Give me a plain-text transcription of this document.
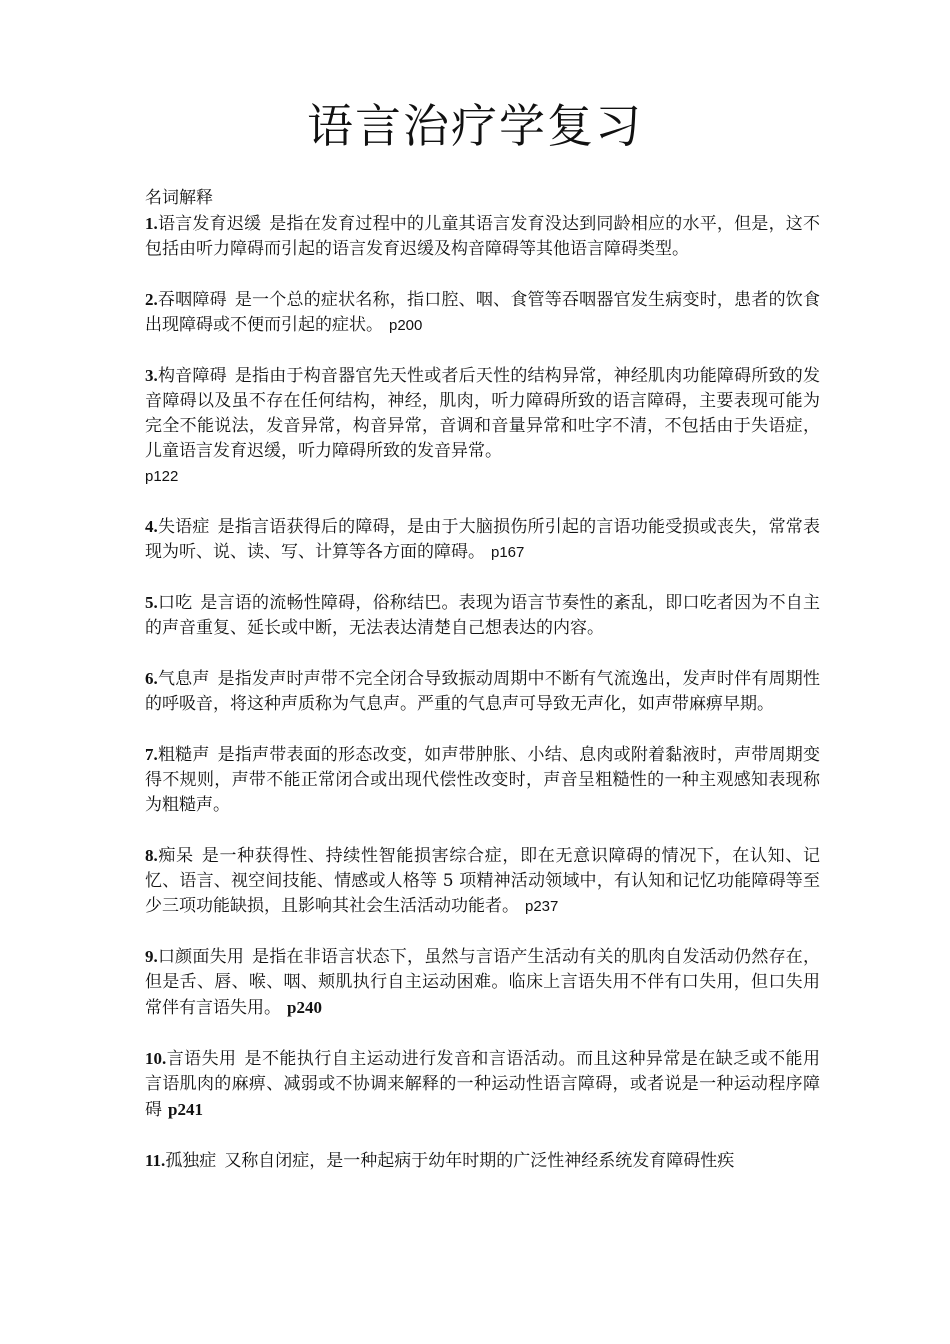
语言治疗学复习

名词解释

1.语言发育迟缓 是指在发育过程中的儿童其语言发育没达到同龄相应的水平，但是，这不包括由听力障碍而引起的语言发育迟缓及构音障碍等其他语言障碍类型。

2.吞咽障碍 是一个总的症状名称，指口腔、咽、食管等吞咽器官发生病变时，患者的饮食出现障碍或不便而引起的症状。 p200

3.构音障碍 是指由于构音器官先天性或者后天性的结构异常，神经肌肉功能障碍所致的发音障碍以及虽不存在任何结构，神经，肌肉，听力障碍所致的语言障碍，主要表现可能为完全不能说法，发音异常，构音异常，音调和音量异常和吐字不清，不包括由于失语症，儿童语言发育迟缓，听力障碍所致的发音异常。
p122

4.失语症 是指言语获得后的障碍，是由于大脑损伤所引起的言语功能受损或丧失，常常表现为听、说、读、写、计算等各方面的障碍。 p167

5.口吃 是言语的流畅性障碍，俗称结巴。表现为语言节奏性的紊乱，即口吃者因为不自主的声音重复、延长或中断，无法表达清楚自己想表达的内容。

6.气息声 是指发声时声带不完全闭合导致振动周期中不断有气流逸出，发声时伴有周期性的呼吸音，将这种声质称为气息声。严重的气息声可导致无声化，如声带麻痹早期。

7.粗糙声 是指声带表面的形态改变，如声带肿胀、小结、息肉或附着黏液时，声带周期变得不规则，声带不能正常闭合或出现代偿性改变时，声音呈粗糙性的一种主观感知表现称为粗糙声。

8.痴呆 是一种获得性、持续性智能损害综合症，即在无意识障碍的情况下，在认知、记忆、语言、视空间技能、情感或人格等 5 项精神活动领域中，有认知和记忆功能障碍等至少三项功能缺损，且影响其社会生活活动功能者。 p237

9.口颜面失用 是指在非语言状态下，虽然与言语产生活动有关的肌肉自发活动仍然存在，但是舌、唇、喉、咽、颊肌执行自主运动困难。临床上言语失用不伴有口失用，但口失用常伴有言语失用。 p240

10.言语失用 是不能执行自主运动进行发音和言语活动。而且这种异常是在缺乏或不能用言语肌肉的麻痹、减弱或不协调来解释的一种运动性语言障碍，或者说是一种运动程序障碍 p241

11.孤独症 又称自闭症，是一种起病于幼年时期的广泛性神经系统发育障碍性疾
